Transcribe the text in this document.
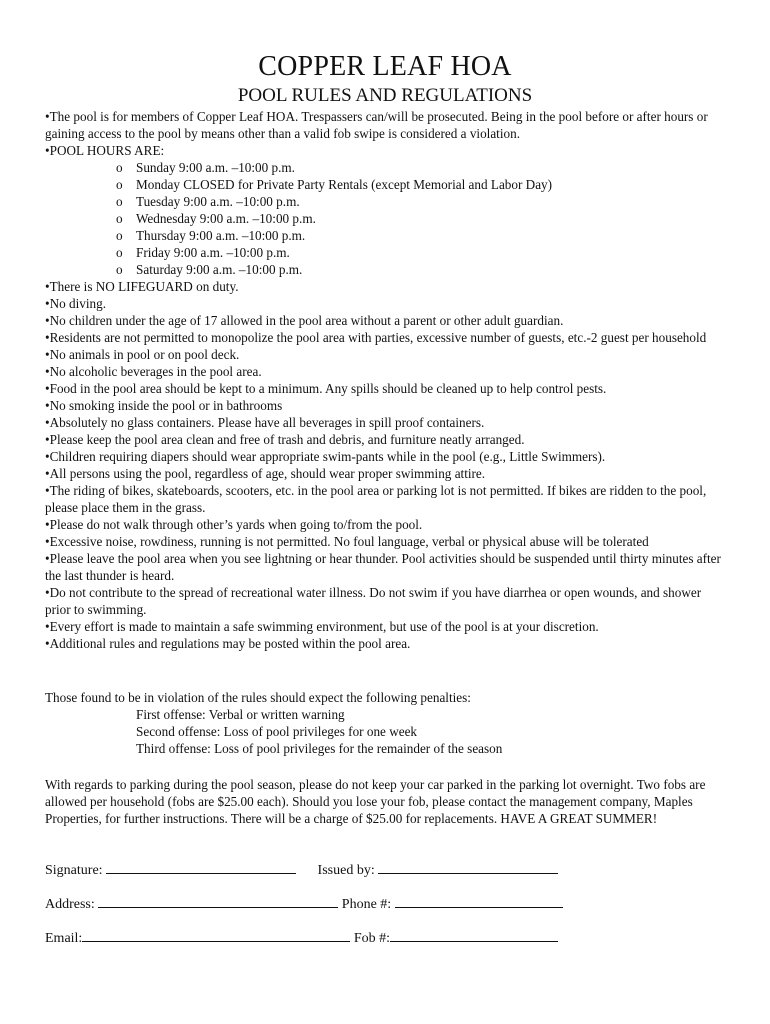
COPPER LEAF HOA
POOL RULES AND REGULATIONS

•The pool is for members of Copper Leaf HOA. Trespassers can/will be prosecuted. Being in the pool before or after hours or gaining access to the pool by means other than a valid fob swipe is considered a violation.

•POOL HOURS ARE:

o Sunday 9:00 a.m. –10:00 p.m.
o Monday CLOSED for Private Party Rentals (except Memorial and Labor Day)
o Tuesday 9:00 a.m. –10:00 p.m.
o Wednesday 9:00 a.m. –10:00 p.m.
o Thursday 9:00 a.m. –10:00 p.m.
o Friday 9:00 a.m. –10:00 p.m.
o Saturday 9:00 a.m. –10:00 p.m.

•There is NO LIFEGUARD on duty.

•No diving.

•No children under the age of 17 allowed in the pool area without a parent or other adult guardian.

•Residents are not permitted to monopolize the pool area with parties, excessive number of guests, etc.-2 guest per household

•No animals in pool or on pool deck.

•No alcoholic beverages in the pool area.

•Food in the pool area should be kept to a minimum. Any spills should be cleaned up to help control pests.

•No smoking inside the pool or in bathrooms

•Absolutely no glass containers. Please have all beverages in spill proof containers.

•Please keep the pool area clean and free of trash and debris, and furniture neatly arranged.

•Children requiring diapers should wear appropriate swim-pants while in the pool (e.g., Little Swimmers).

•All persons using the pool, regardless of age, should wear proper swimming attire.

•The riding of bikes, skateboards, scooters, etc. in the pool area or parking lot is not permitted. If bikes are ridden to the pool, please place them in the grass.

•Please do not walk through other’s yards when going to/from the pool.

•Excessive noise, rowdiness, running is not permitted. No foul language, verbal or physical abuse will be tolerated

•Please leave the pool area when you see lightning or hear thunder. Pool activities should be suspended until thirty minutes after the last thunder is heard.

•Do not contribute to the spread of recreational water illness. Do not swim if you have diarrhea or open wounds, and shower prior to swimming.

•Every effort is made to maintain a safe swimming environment, but use of the pool is at your discretion.

•Additional rules and regulations may be posted within the pool area.

Those found to be in violation of the rules should expect the following penalties:

First offense: Verbal or written warning

Second offense: Loss of pool privileges for one week

Third offense: Loss of pool privileges for the remainder of the season

With regards to parking during the pool season, please do not keep your car parked in the parking lot overnight. Two fobs are allowed per household (fobs are $25.00 each). Should you lose your fob, please contact the management company, Maples Properties, for further instructions. There will be a charge of $25.00 for replacements. HAVE A GREAT SUMMER!

Signature:	Issued by:
Address:	Phone #:
Email:	Fob #:
